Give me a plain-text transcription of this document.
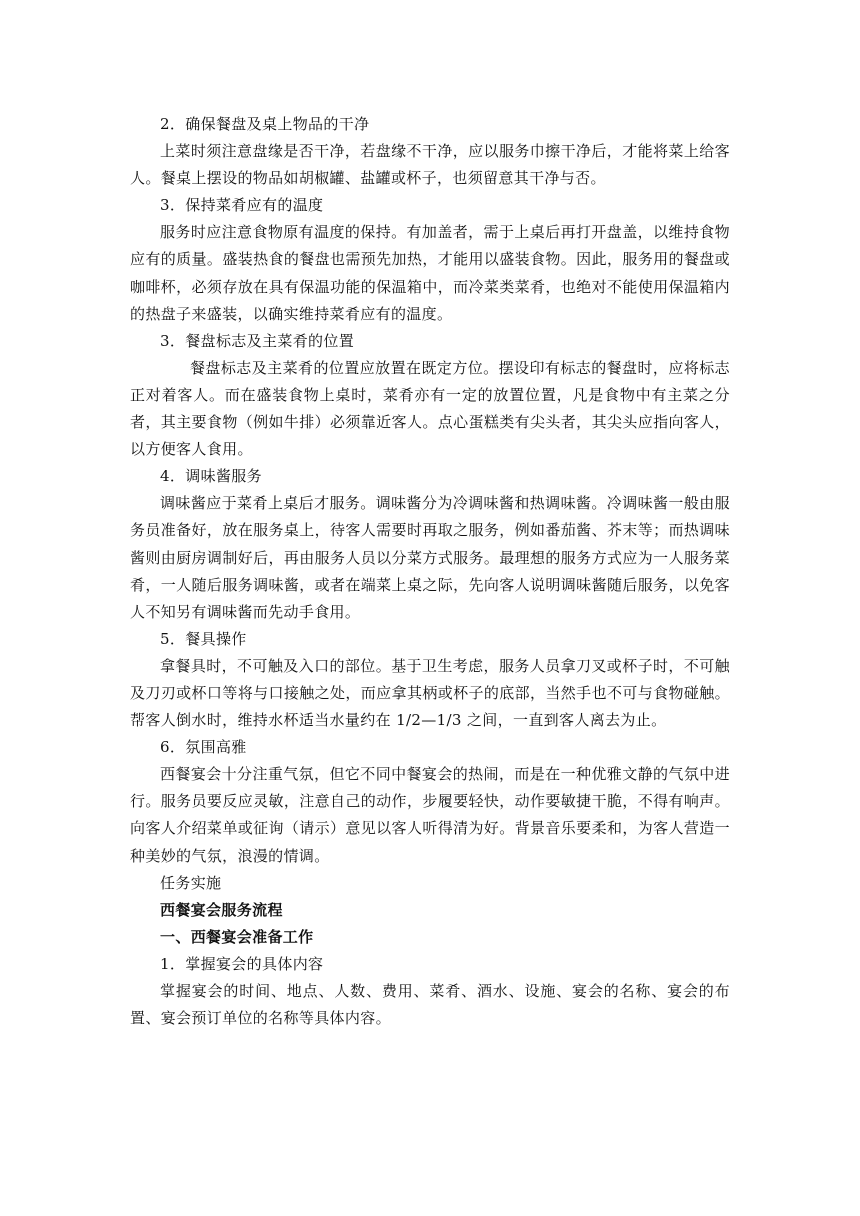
2．确保餐盘及桌上物品的干净

上菜时须注意盘缘是否干净，若盘缘不干净，应以服务巾擦干净后，才能将菜上给客人。餐桌上摆设的物品如胡椒罐、盐罐或杯子，也须留意其干净与否。

3．保持菜肴应有的温度

服务时应注意食物原有温度的保持。有加盖者，需于上桌后再打开盘盖，以维持食物应有的质量。盛装热食的餐盘也需预先加热，才能用以盛装食物。因此，服务用的餐盘或咖啡杯，必须存放在具有保温功能的保温箱中，而冷菜类菜肴，也绝对不能使用保温箱内的热盘子来盛装，以确实维持菜肴应有的温度。

3．餐盘标志及主菜肴的位置

餐盘标志及主菜肴的位置应放置在既定方位。摆设印有标志的餐盘时，应将标志正对着客人。而在盛装食物上桌时，菜肴亦有一定的放置位置，凡是食物中有主菜之分者，其主要食物（例如牛排）必须靠近客人。点心蛋糕类有尖头者，其尖头应指向客人，以方便客人食用。

4．调味酱服务

调味酱应于菜肴上桌后才服务。调味酱分为冷调味酱和热调味酱。冷调味酱一般由服务员准备好，放在服务桌上，待客人需要时再取之服务，例如番茄酱、芥末等；而热调味酱则由厨房调制好后，再由服务人员以分菜方式服务。最理想的服务方式应为一人服务菜肴，一人随后服务调味酱，或者在端菜上桌之际，先向客人说明调味酱随后服务，以免客人不知另有调味酱而先动手食用。

5．餐具操作

拿餐具时，不可触及入口的部位。基于卫生考虑，服务人员拿刀叉或杯子时，不可触及刀刃或杯口等将与口接触之处，而应拿其柄或杯子的底部，当然手也不可与食物碰触。帮客人倒水时，维持水杯适当水量约在 1/2—1/3 之间，一直到客人离去为止。

6．氛围高雅

西餐宴会十分注重气氛，但它不同中餐宴会的热闹，而是在一种优雅文静的气氛中进行。服务员要反应灵敏，注意自己的动作，步履要轻快，动作要敏捷干脆，不得有响声。向客人介绍菜单或征询（请示）意见以客人听得清为好。背景音乐要柔和，为客人营造一种美妙的气氛，浪漫的情调。

任务实施

西餐宴会服务流程

一、西餐宴会准备工作

1．掌握宴会的具体内容

掌握宴会的时间、地点、人数、费用、菜肴、酒水、设施、宴会的名称、宴会的布置、宴会预订单位的名称等具体内容。
